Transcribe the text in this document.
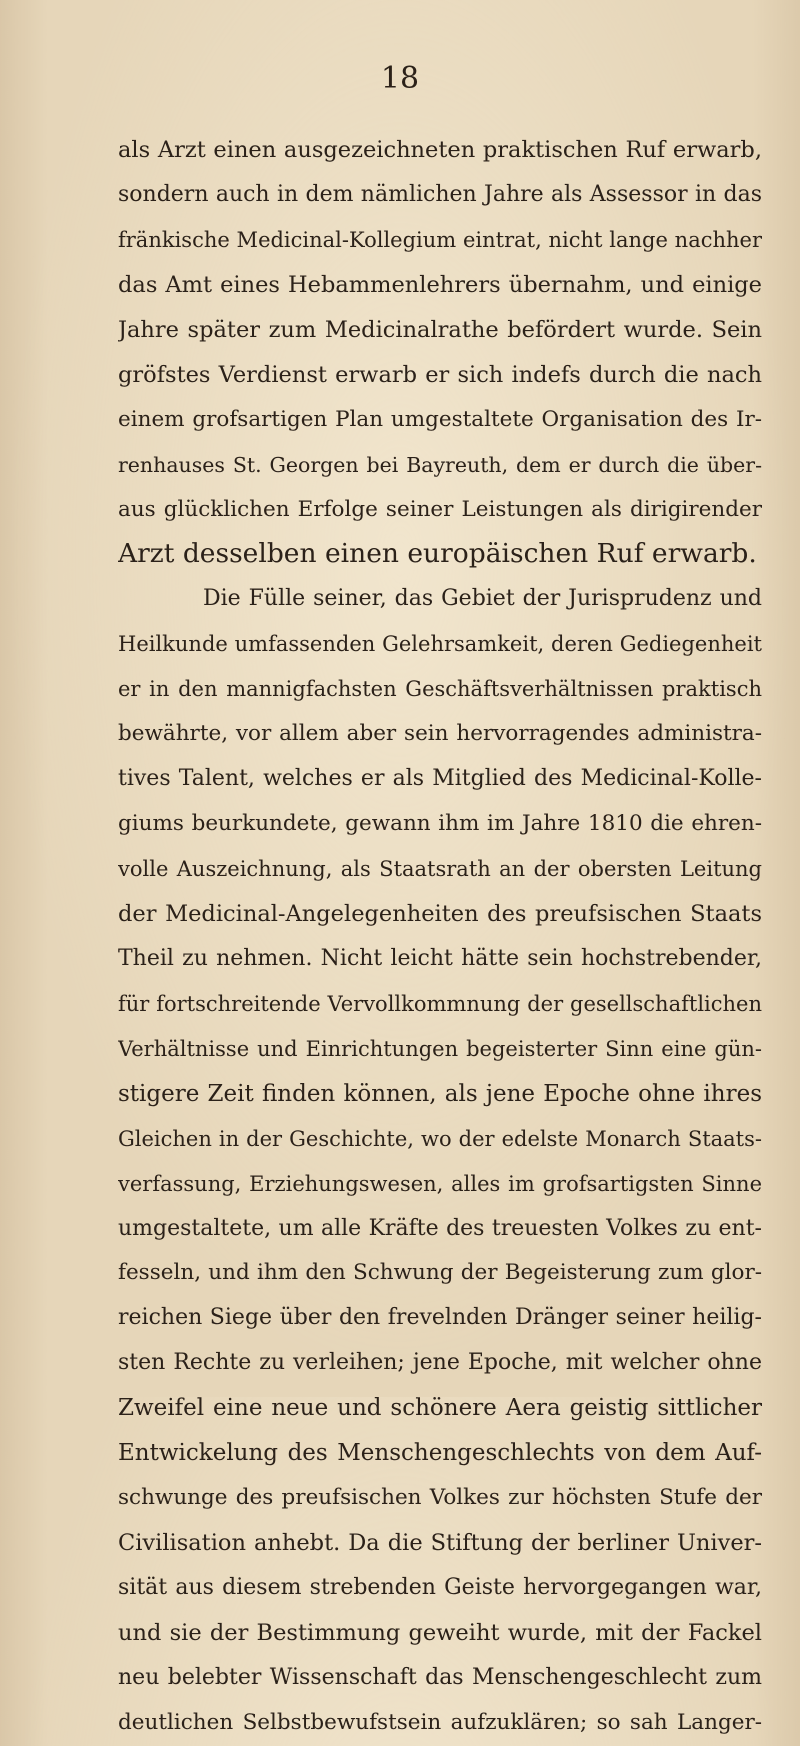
18
als Arzt einen ausgezeichneten praktischen Ruf erwarb,
sondern auch in dem nämlichen Jahre als Assessor in das
fränkische Medicinal-Kollegium eintrat, nicht lange nachher
das Amt eines Hebammenlehrers übernahm, und einige
Jahre später zum Medicinalrathe befördert wurde. Sein
gröfstes Verdienst erwarb er sich indefs durch die nach
einem grofsartigen Plan umgestaltete Organisation des Ir-
renhauses St. Georgen bei Bayreuth, dem er durch die über-
aus glücklichen Erfolge seiner Leistungen als dirigirender
Arzt desselben einen europäischen Ruf erwarb.
Die Fülle seiner, das Gebiet der Jurisprudenz und
Heilkunde umfassenden Gelehrsamkeit, deren Gediegenheit
er in den mannigfachsten Geschäftsverhältnissen praktisch
bewährte, vor allem aber sein hervorragendes administra-
tives Talent, welches er als Mitglied des Medicinal-Kolle-
giums beurkundete, gewann ihm im Jahre 1810 die ehren-
volle Auszeichnung, als Staatsrath an der obersten Leitung
der Medicinal-Angelegenheiten des preufsischen Staats
Theil zu nehmen. Nicht leicht hätte sein hochstrebender,
für fortschreitende Vervollkommnung der gesellschaftlichen
Verhältnisse und Einrichtungen begeisterter Sinn eine gün-
stigere Zeit finden können, als jene Epoche ohne ihres
Gleichen in der Geschichte, wo der edelste Monarch Staats-
verfassung, Erziehungswesen, alles im grofsartigsten Sinne
umgestaltete, um alle Kräfte des treuesten Volkes zu ent-
fesseln, und ihm den Schwung der Begeisterung zum glor-
reichen Siege über den frevelnden Dränger seiner heilig-
sten Rechte zu verleihen; jene Epoche, mit welcher ohne
Zweifel eine neue und schönere Aera geistig sittlicher
Entwickelung des Menschengeschlechts von dem Auf-
schwunge des preufsischen Volkes zur höchsten Stufe der
Civilisation anhebt. Da die Stiftung der berliner Univer-
sität aus diesem strebenden Geiste hervorgegangen war,
und sie der Bestimmung geweiht wurde, mit der Fackel
neu belebter Wissenschaft das Menschengeschlecht zum
deutlichen Selbstbewufstsein aufzuklären; so sah Langer-
